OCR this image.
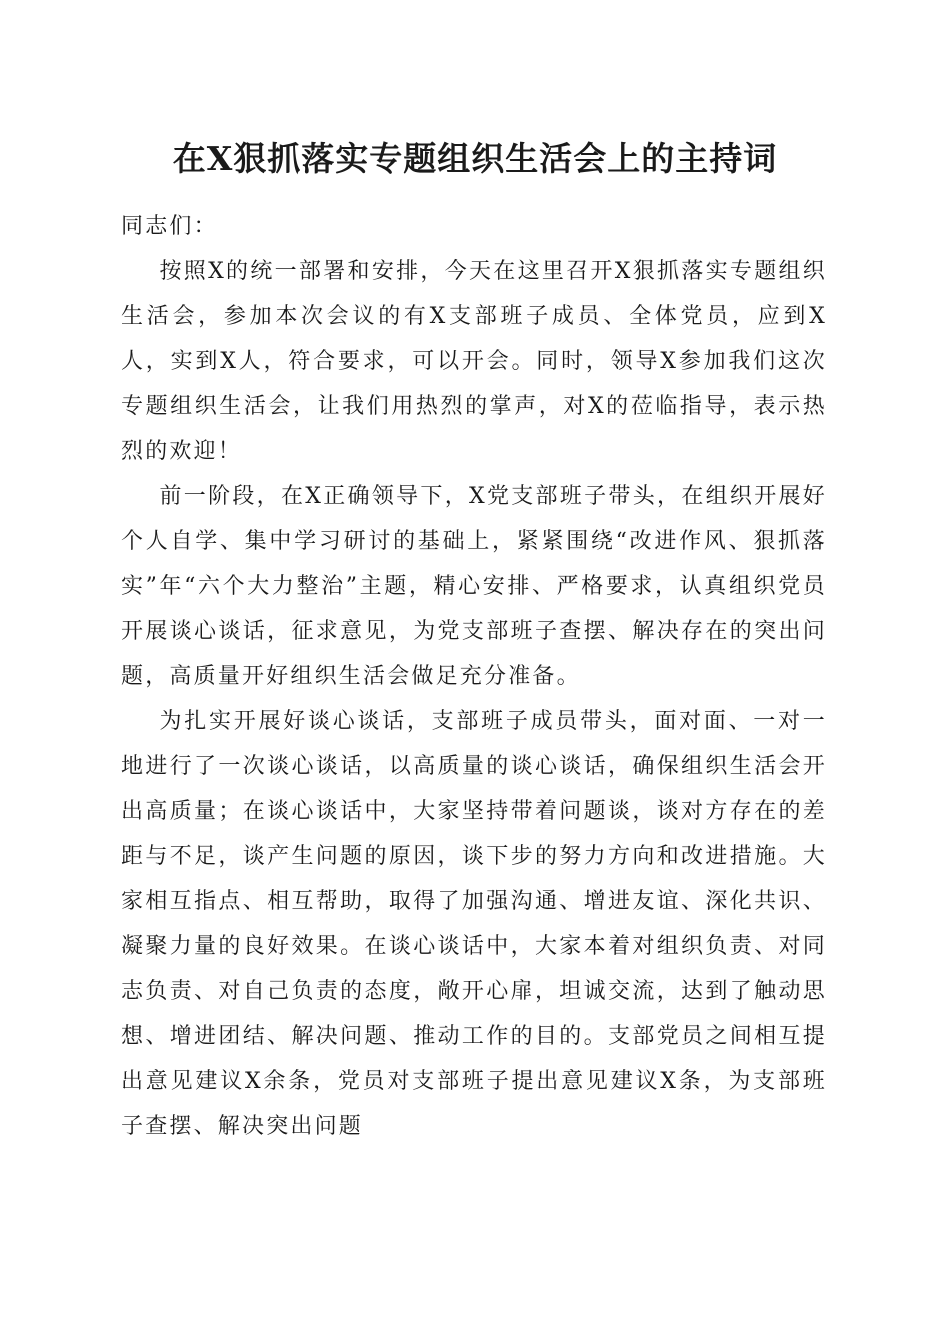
在X狠抓落实专题组织生活会上的主持词

同志们：

按照X的统一部署和安排，今天在这里召开X狠抓落实专题组织生活会，参加本次会议的有X支部班子成员、全体党员，应到X人，实到X人，符合要求，可以开会。同时，领导X参加我们这次专题组织生活会，让我们用热烈的掌声，对X的莅临指导，表示热烈的欢迎！

前一阶段，在X正确领导下，X党支部班子带头，在组织开展好个人自学、集中学习研讨的基础上，紧紧围绕“改进作风、狠抓落实”年“六个大力整治”主题，精心安排、严格要求，认真组织党员开展谈心谈话，征求意见，为党支部班子查摆、解决存在的突出问题，高质量开好组织生活会做足充分准备。

为扎实开展好谈心谈话，支部班子成员带头，面对面、一对一地进行了一次谈心谈话，以高质量的谈心谈话，确保组织生活会开出高质量；在谈心谈话中，大家坚持带着问题谈，谈对方存在的差距与不足，谈产生问题的原因，谈下步的努力方向和改进措施。大家相互指点、相互帮助，取得了加强沟通、增进友谊、深化共识、凝聚力量的良好效果。在谈心谈话中，大家本着对组织负责、对同志负责、对自己负责的态度，敞开心扉，坦诚交流，达到了触动思想、增进团结、解决问题、推动工作的目的。支部党员之间相互提出意见建议X余条，党员对支部班子提出意见建议X条，为支部班子查摆、解决突出问题
